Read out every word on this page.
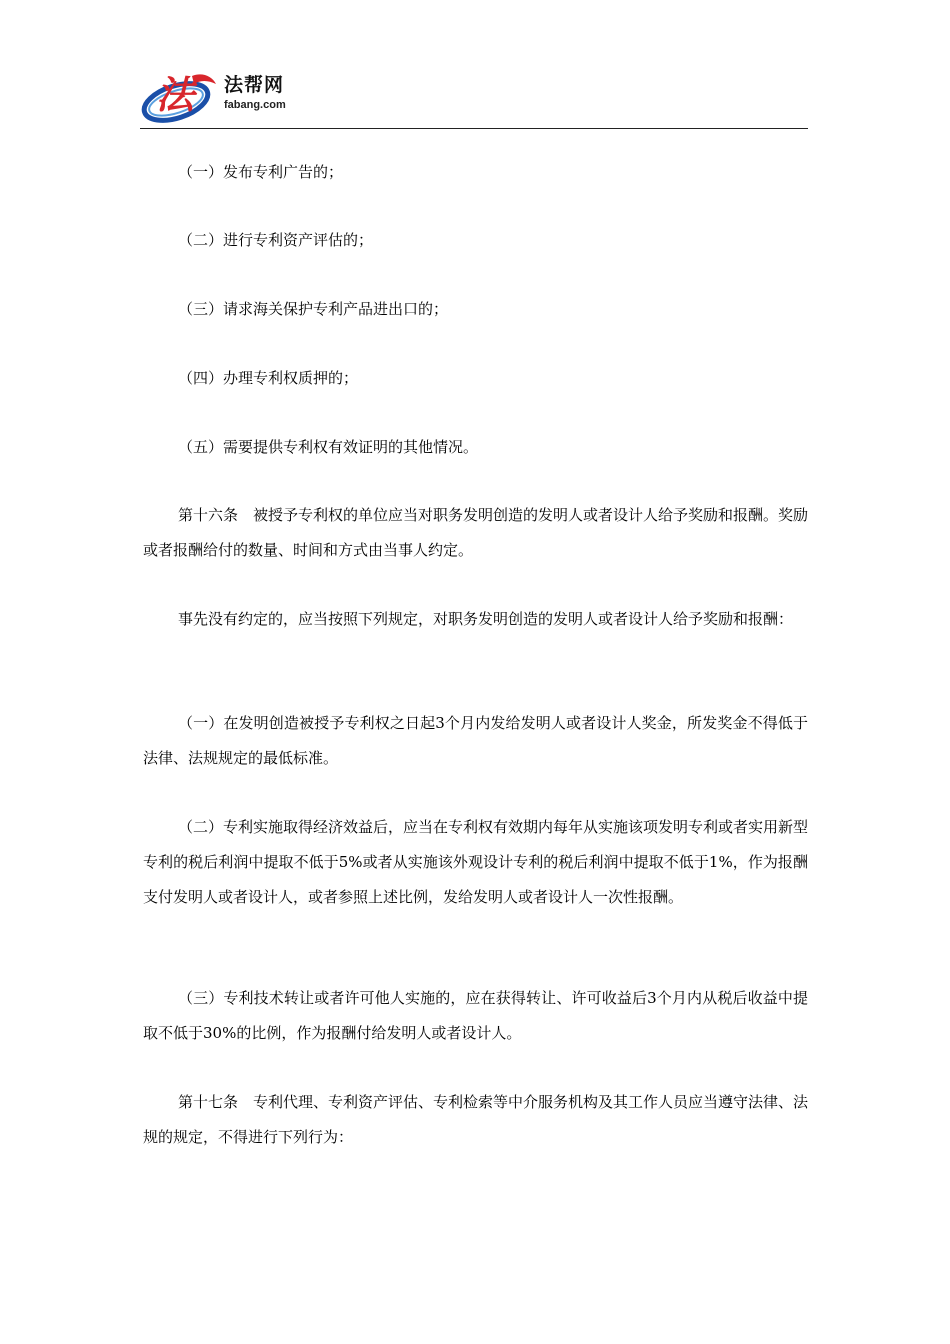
法 法帮网
fabang.com

（一）发布专利广告的；

（二）进行专利资产评估的；

（三）请求海关保护专利产品进出口的；

（四）办理专利权质押的；

（五）需要提供专利权有效证明的其他情况。

第十六条　被授予专利权的单位应当对职务发明创造的发明人或者设计人给予奖励和报酬。奖励或者报酬给付的数量、时间和方式由当事人约定。

事先没有约定的，应当按照下列规定，对职务发明创造的发明人或者设计人给予奖励和报酬：

（一）在发明创造被授予专利权之日起3个月内发给发明人或者设计人奖金，所发奖金不得低于法律、法规规定的最低标准。

（二）专利实施取得经济效益后，应当在专利权有效期内每年从实施该项发明专利或者实用新型专利的税后利润中提取不低于5%或者从实施该外观设计专利的税后利润中提取不低于1%，作为报酬支付发明人或者设计人，或者参照上述比例，发给发明人或者设计人一次性报酬。

（三）专利技术转让或者许可他人实施的，应在获得转让、许可收益后3个月内从税后收益中提取不低于30%的比例，作为报酬付给发明人或者设计人。

第十七条　专利代理、专利资产评估、专利检索等中介服务机构及其工作人员应当遵守法律、法规的规定，不得进行下列行为：
